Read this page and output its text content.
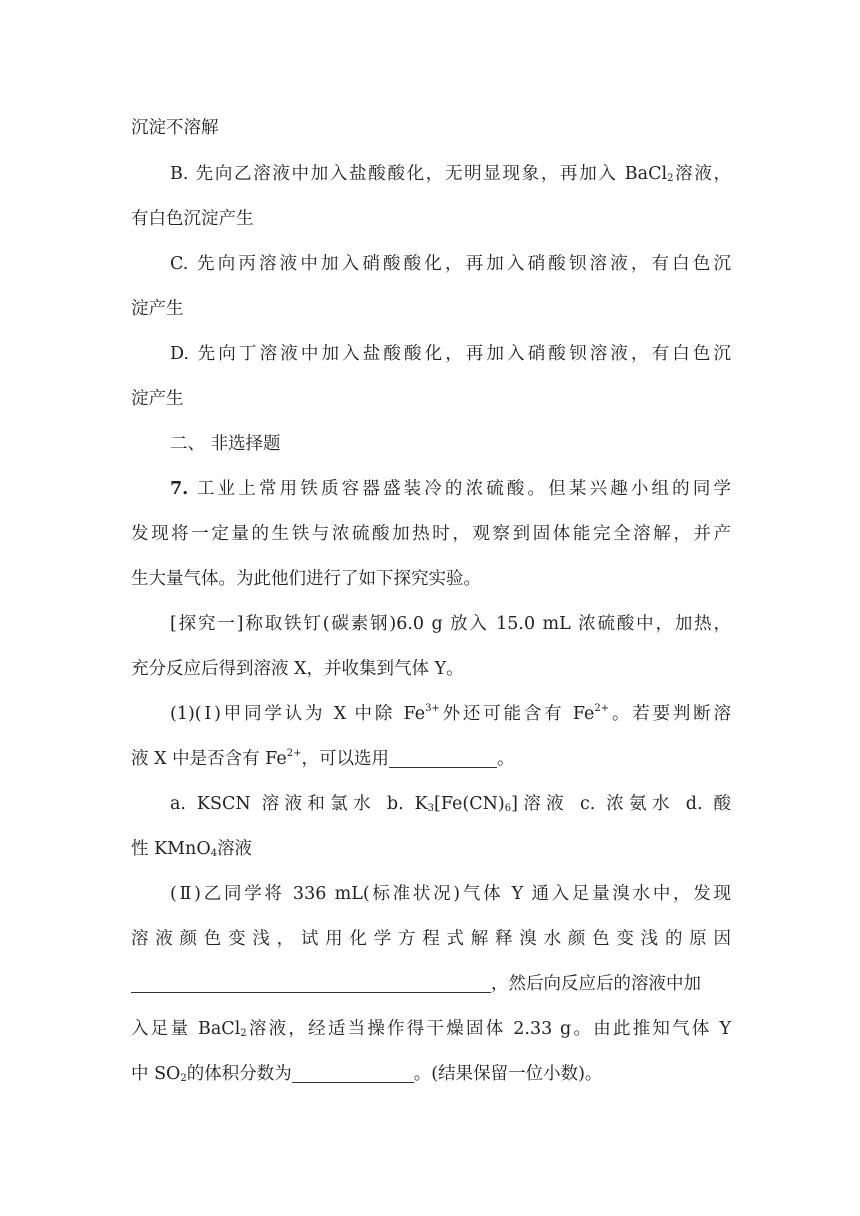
沉淀不溶解
B. 先向乙溶液中加入盐酸酸化，无明显现象，再加入 BaCl$_2$溶液，
有白色沉淀产生
C. 先向丙溶液中加入硝酸酸化，再加入硝酸钡溶液，有白色沉
淀产生
D. 先向丁溶液中加入盐酸酸化，再加入硝酸钡溶液，有白色沉
淀产生
二、 非选择题
7. 工业上常用铁质容器盛装冷的浓硫酸。但某兴趣小组的同学
发现将一定量的生铁与浓硫酸加热时，观察到固体能完全溶解，并产
生大量气体。为此他们进行了如下探究实验。
[探究一]称取铁钉(碳素钢)6.0 g 放入 15.0 mL 浓硫酸中，加热，
充分反应后得到溶液 X，并收集到气体 Y。
(1)(Ⅰ)甲同学认为 X 中除 $Fe^{3+}$外还可能含有 $Fe^{2+}$。若要判断溶
液 X 中是否含有 $Fe^{2+}$，可以选用	。
a. KSCN 溶液和氯水 b. $K_3[Fe(CN)_6]$溶液 c. 浓氨水 d. 酸
性 KMnO$_4$溶液
(Ⅱ)乙同学将 336 mL(标准状况)气体 Y 通入足量溴水中，发现
溶液颜色变浅，试用化学方程式解释溴水颜色变浅的原因
，然后向反应后的溶液中加
入足量 BaCl$_2$溶液，经适当操作得干燥固体 2.33 g。由此推知气体 Y
中 $SO_2$的体积分数为	。(结果保留一位小数)。
